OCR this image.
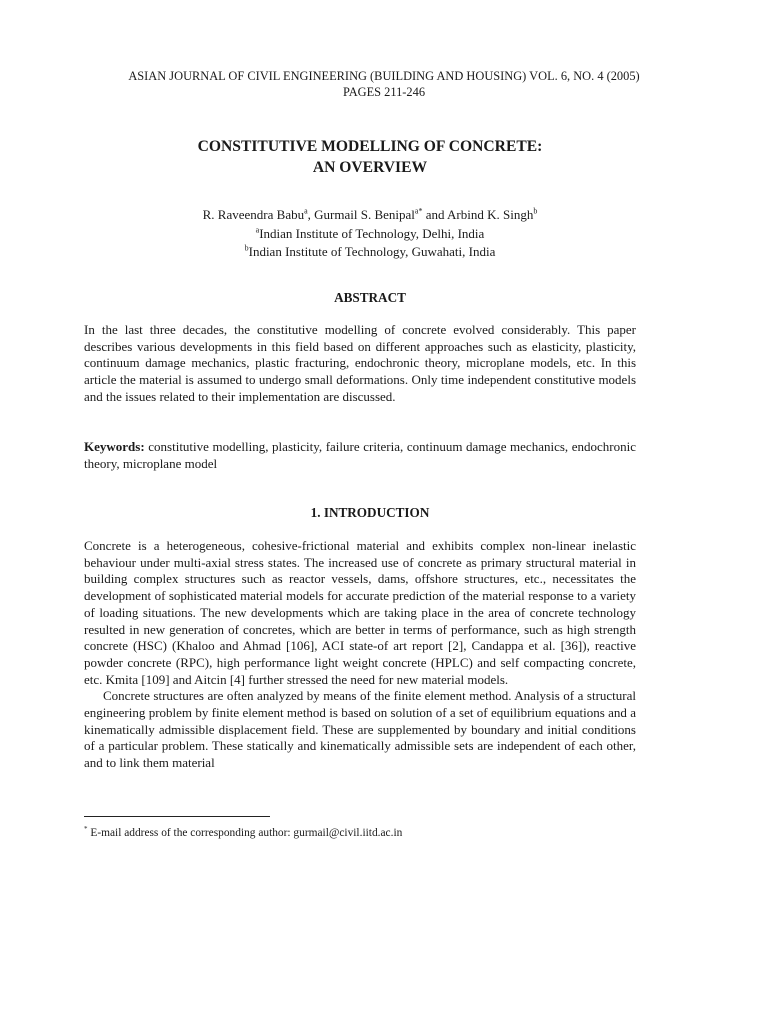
ASIAN JOURNAL OF CIVIL ENGINEERING (BUILDING AND HOUSING) VOL. 6, NO. 4 (2005)
PAGES 211-246
CONSTITUTIVE MODELLING OF CONCRETE:
AN OVERVIEW
R. Raveendra Babu$^a$, Gurmail S. Benipal$^{a*}$ and Arbind K. Singh$^b$
$^a$Indian Institute of Technology, Delhi, India
$^b$Indian Institute of Technology, Guwahati, India
ABSTRACT

In the last three decades, the constitutive modelling of concrete evolved considerably. This paper describes various developments in this field based on different approaches such as elasticity, plasticity, continuum damage mechanics, plastic fracturing, endochronic theory, microplane models, etc. In this article the material is assumed to undergo small deformations. Only time independent constitutive models and the issues related to their implementation are discussed.

Keywords: constitutive modelling, plasticity, failure criteria, continuum damage mechanics, endochronic theory, microplane model

1. INTRODUCTION

Concrete is a heterogeneous, cohesive-frictional material and exhibits complex non-linear inelastic behaviour under multi-axial stress states. The increased use of concrete as primary structural material in building complex structures such as reactor vessels, dams, offshore structures, etc., necessitates the development of sophisticated material models for accurate prediction of the material response to a variety of loading situations. The new developments which are taking place in the area of concrete technology resulted in new generation of concretes, which are better in terms of performance, such as high strength concrete (HSC) (Khaloo and Ahmad [106], ACI state-of art report [2], Candappa et al. [36]), reactive powder concrete (RPC), high performance light weight concrete (HPLC) and self compacting concrete, etc. Kmita [109] and Aitcin [4] further stressed the need for new material models.

Concrete structures are often analyzed by means of the finite element method. Analysis of a structural engineering problem by finite element method is based on solution of a set of equilibrium equations and a kinematically admissible displacement field. These are supplemented by boundary and initial conditions of a particular problem. These statically and kinematically admissible sets are independent of each other, and to link them material

* E-mail address of the corresponding author: gurmail@civil.iitd.ac.in
